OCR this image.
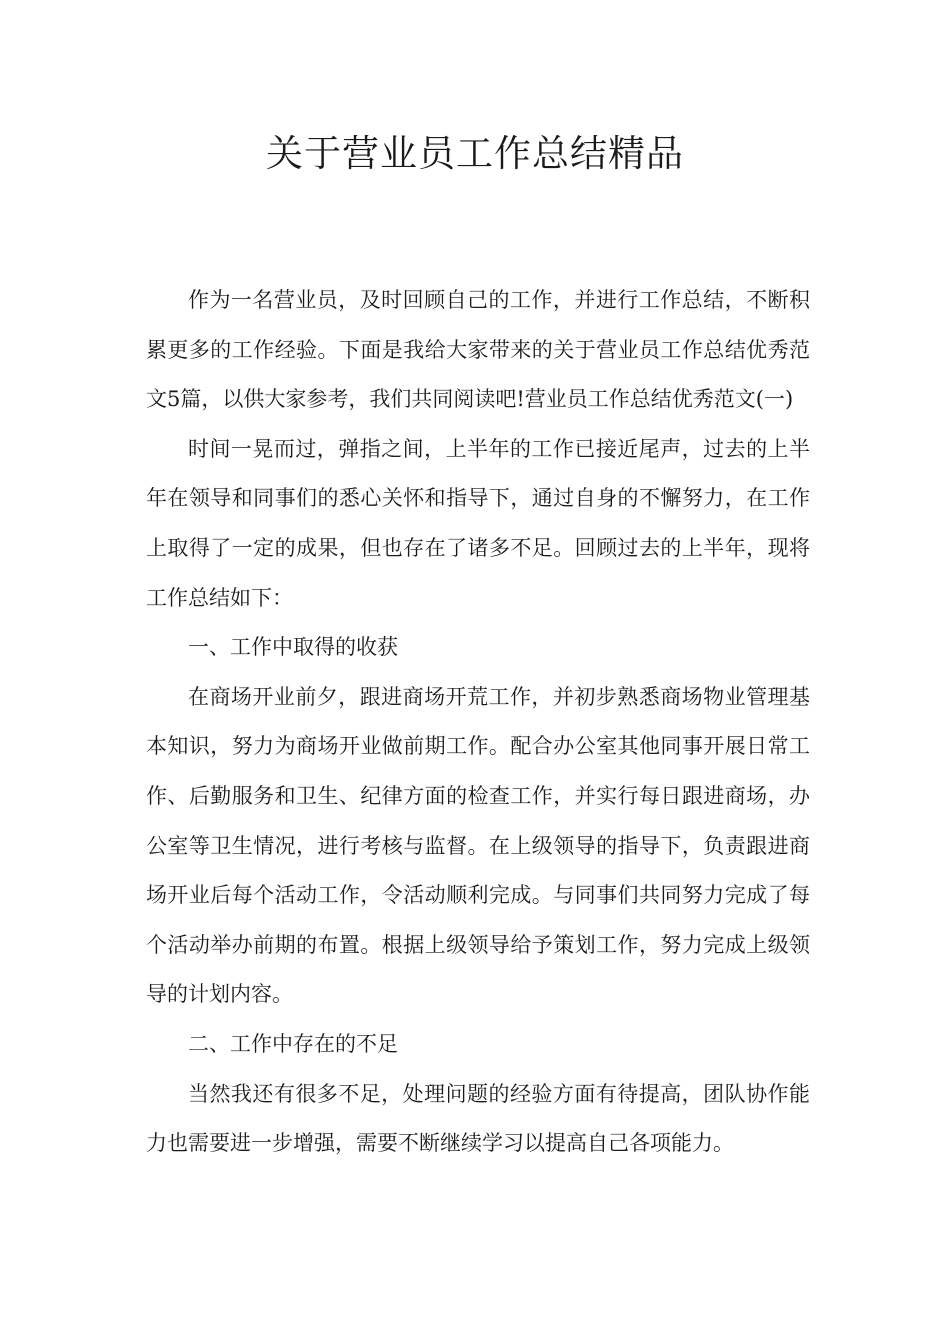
关于营业员工作总结精品

作为一名营业员，及时回顾自己的工作，并进行工作总结，不断积累更多的工作经验。下面是我给大家带来的关于营业员工作总结优秀范文5篇，以供大家参考，我们共同阅读吧!营业员工作总结优秀范文(一)

时间一晃而过，弹指之间，上半年的工作已接近尾声，过去的上半年在领导和同事们的悉心关怀和指导下，通过自身的不懈努力，在工作上取得了一定的成果，但也存在了诸多不足。回顾过去的上半年，现将工作总结如下：

一、工作中取得的收获

在商场开业前夕，跟进商场开荒工作，并初步熟悉商场物业管理基本知识，努力为商场开业做前期工作。配合办公室其他同事开展日常工作、后勤服务和卫生、纪律方面的检查工作，并实行每日跟进商场，办公室等卫生情况，进行考核与监督。在上级领导的指导下，负责跟进商场开业后每个活动工作，令活动顺利完成。与同事们共同努力完成了每个活动举办前期的布置。根据上级领导给予策划工作，努力完成上级领导的计划内容。

二、工作中存在的不足

当然我还有很多不足，处理问题的经验方面有待提高，团队协作能力也需要进一步增强，需要不断继续学习以提高自己各项能力。
